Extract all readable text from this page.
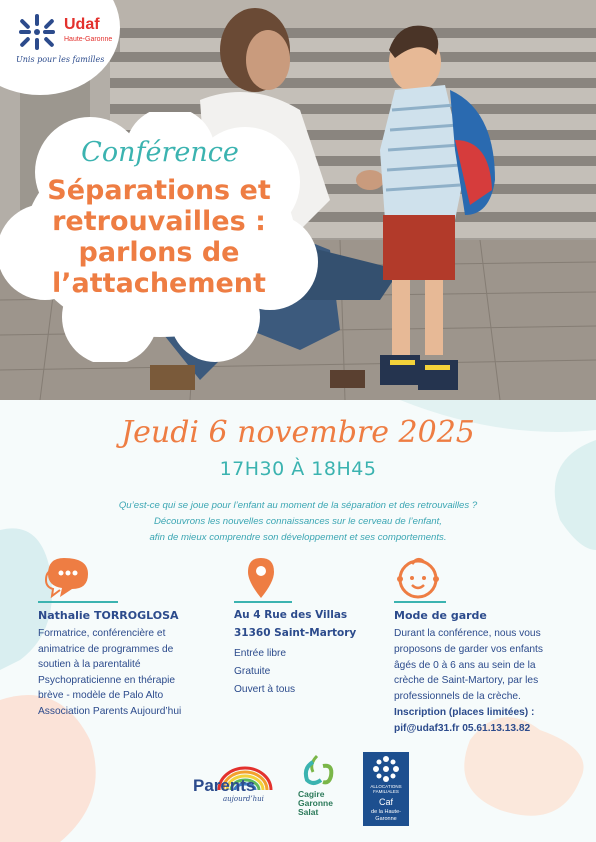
Udaf
Haute-Garonne
Unis pour les familles
Conférence
Séparations et
retrouvailles :
parlons de
l’attachement
Jeudi 6 novembre 2025
17H30 À 18H45
Qu’est-ce qui se joue pour l’enfant au moment de la séparation et des retrouvailles ?
Découvrons les nouvelles connaissances sur le cerveau de l’enfant,
afin de mieux comprendre son développement et ses comportements.
Nathalie TORROGLOSA
Formatrice, conférencière et
animatrice de programmes de
soutien à la parentalité
Psychopraticienne en thérapie
brève - modèle de Palo Alto
Association Parents Aujourd’hui
Au 4 Rue des Villas
31360 Saint-Martory
Entrée libre
Gratuite
Ouvert à tous
Mode de garde
Durant la conférence, nous vous
proposons de garder vos enfants
âgés de 0 à 6 ans au sein de la
crèche de Saint-Martory, par les
professionnels de la crèche.
Inscription (places limitées) :
pif@udaf31.fr 05.61.13.13.82
Parents
aujourd’hui	Cagire
Garonne
Salat
ALLOCATIONS
FAMILIALES
Caf
de la Haute-
Garonne
